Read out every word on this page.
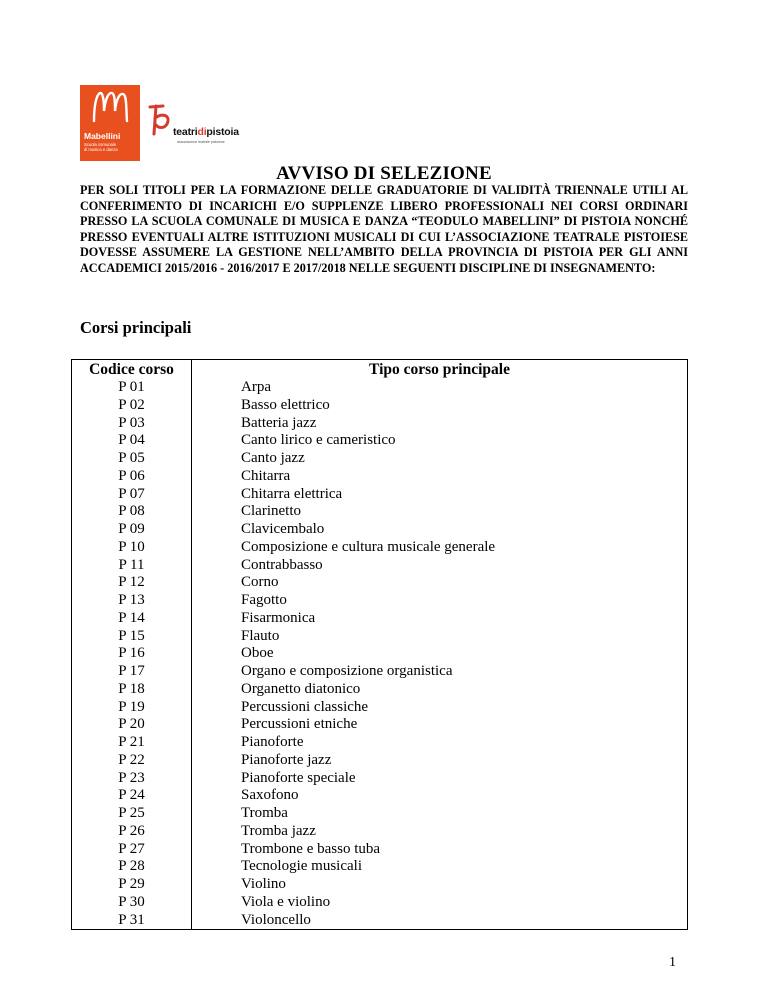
Mabellini
Scuola comunale
di musica e danza
teatridipistoia
associazione teatrale pistoiese
AVVISO DI SELEZIONE
PER SOLI TITOLI PER LA FORMAZIONE DELLE GRADUATORIE DI VALIDITÀ TRIENNALE UTILI AL CONFERIMENTO DI INCARICHI E/O SUPPLENZE LIBERO PROFESSIONALI NEI CORSI ORDINARI PRESSO LA SCUOLA COMUNALE DI MUSICA E DANZA “TEODULO MABELLINI” DI PISTOIA NONCHÉ PRESSO EVENTUALI ALTRE ISTITUZIONI MUSICALI DI CUI L’ASSOCIAZIONE TEATRALE PISTOIESE DOVESSE ASSUMERE LA GESTIONE NELL’AMBITO DELLA PROVINCIA DI PISTOIA PER GLI ANNI ACCADEMICI 2015/2016 - 2016/2017 E 2017/2018 NELLE SEGUENTI DISCIPLINE DI INSEGNAMENTO:
Corsi principali
Codice corso	Tipo corso principale
P 01	Arpa
P 02	Basso elettrico
P 03	Batteria jazz
P 04	Canto lirico e cameristico
P 05	Canto jazz
P 06	Chitarra
P 07	Chitarra elettrica
P 08	Clarinetto
P 09	Clavicembalo
P 10	Composizione e cultura musicale generale
P 11	Contrabbasso
P 12	Corno
P 13	Fagotto
P 14	Fisarmonica
P 15	Flauto
P 16	Oboe
P 17	Organo e composizione organistica
P 18	Organetto diatonico
P 19	Percussioni classiche
P 20	Percussioni etniche
P 21	Pianoforte
P 22	Pianoforte jazz
P 23	Pianoforte speciale
P 24	Saxofono
P 25	Tromba
P 26	Tromba jazz
P 27	Trombone e basso tuba
P 28	Tecnologie musicali
P 29	Violino
P 30	Viola e violino
P 31	Violoncello
1
